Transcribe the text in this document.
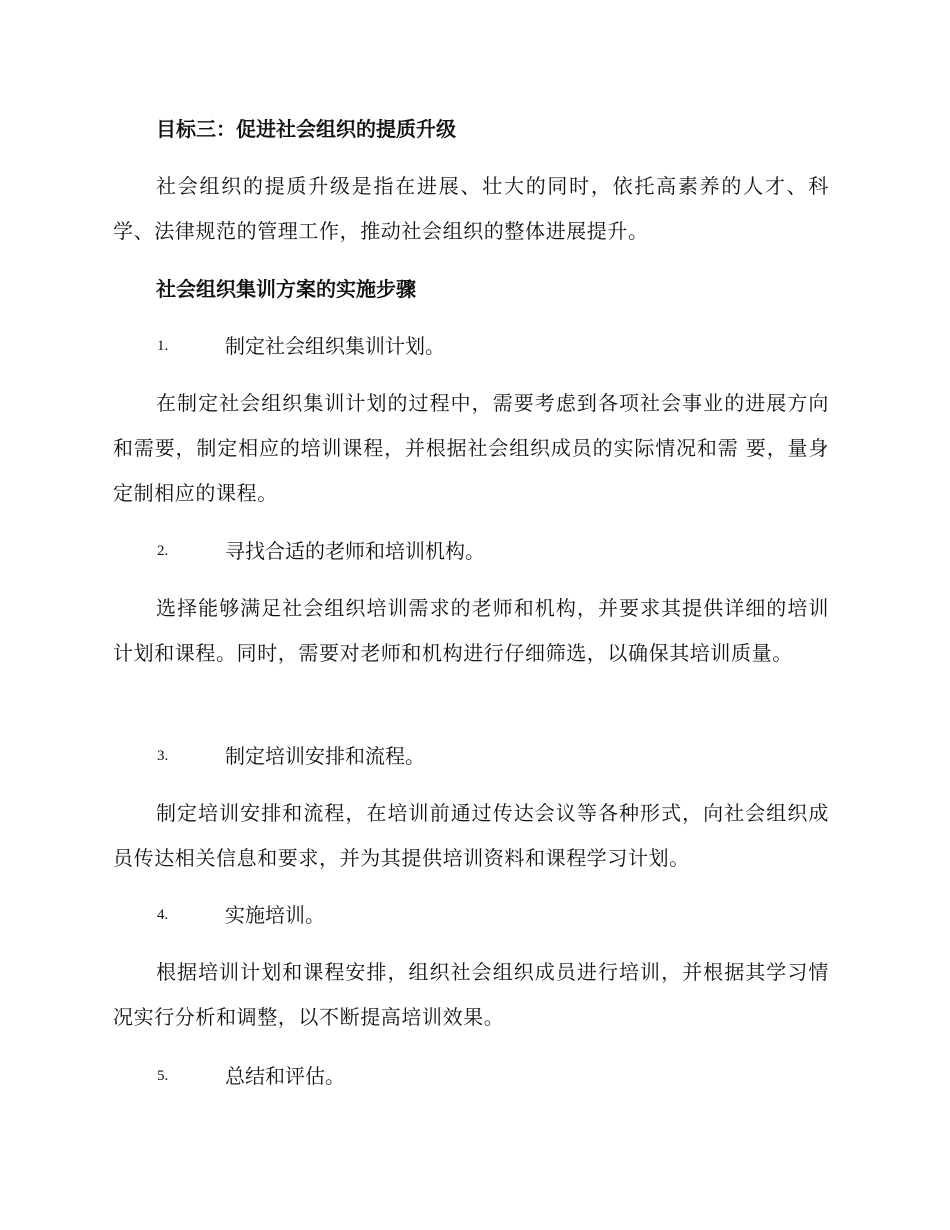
目标三：促进社会组织的提质升级

社会组织的提质升级是指在进展、壮大的同时，依托高素养的人才、科学、法律规范的管理工作，推动社会组织的整体进展提升。

社会组织集训方案的实施步骤

1.	制定社会组织集训计划。

在制定社会组织集训计划的过程中，需要考虑到各项社会事业的进展方向和需要，制定相应的培训课程，并根据社会组织成员的实际情况和需 要，量身定制相应的课程。

2.	寻找合适的老师和培训机构。

选择能够满足社会组织培训需求的老师和机构，并要求其提供详细的培训计划和课程。同时，需要对老师和机构进行仔细筛选，以确保其培训质量。

3.	制定培训安排和流程。

制定培训安排和流程，在培训前通过传达会议等各种形式，向社会组织成员传达相关信息和要求，并为其提供培训资料和课程学习计划。

4.	实施培训。

根据培训计划和课程安排，组织社会组织成员进行培训，并根据其学习情况实行分析和调整，以不断提高培训效果。

5.	总结和评估。
